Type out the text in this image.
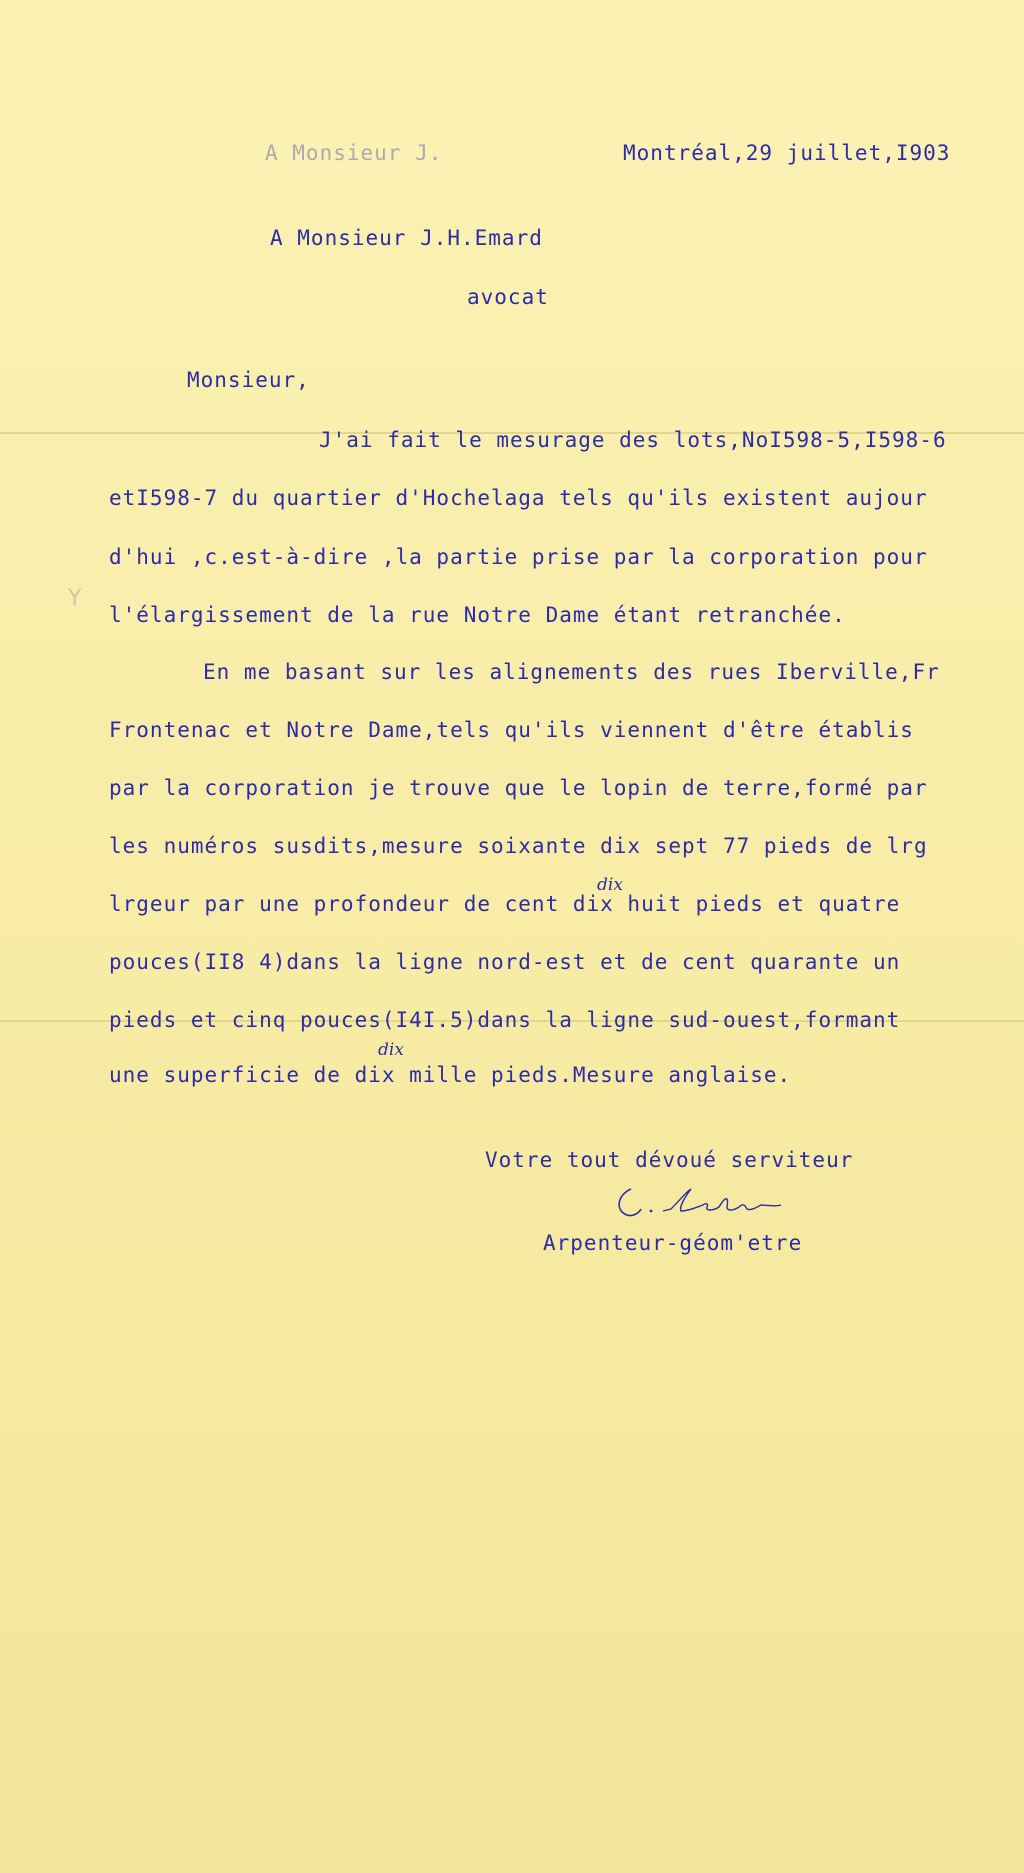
Y
A Monsieur J.	Montréal,29 juillet,I903
A Monsieur J.H.Emard
avocat
Monsieur,
J'ai fait le mesurage des lots,NoI598-5,I598-6
etI598-7 du quartier d'Hochelaga tels qu'ils existent aujour
d'hui ,c.est-à-dire ,la partie prise par la corporation pour
l'élargissement de la rue Notre Dame étant retranchée.
En me basant sur les alignements des rues Iberville,Fr
Frontenac et Notre Dame,tels qu'ils viennent d'être établis
par la corporation je trouve que le lopin de terre,formé par
les numéros susdits,mesure soixante dix sept 77 pieds de lrg
dix
lrgeur par une profondeur de cent dix huit pieds et quatre
pouces(II8 4)dans la ligne nord-est et de cent quarante un
pieds et cinq pouces(I4I.5)dans la ligne sud-ouest,formant
dix
une superficie de dix mille pieds.Mesure anglaise.
Votre tout dévoué serviteur
Arpenteur-géom'etre
